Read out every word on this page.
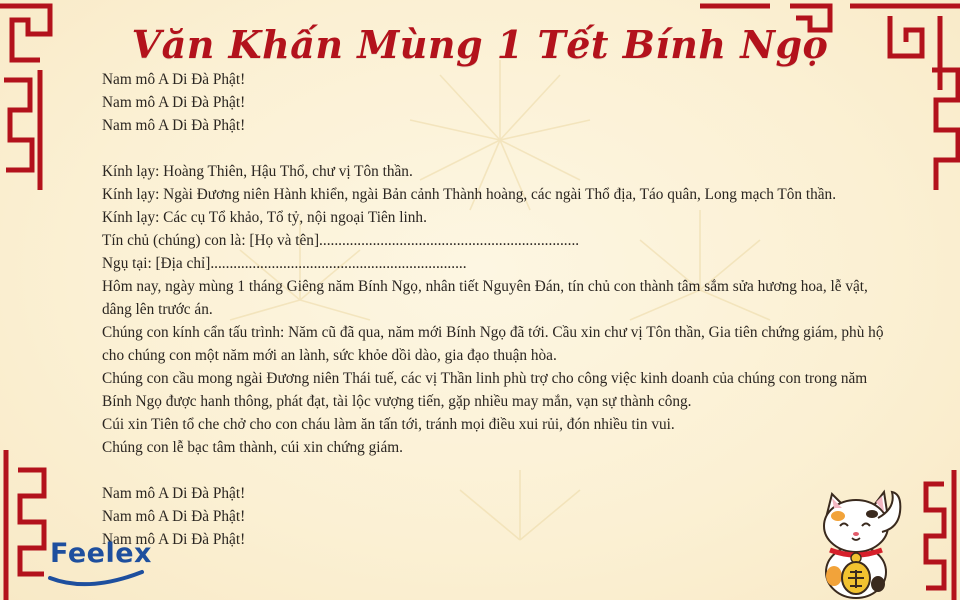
Văn Khấn Mùng 1 Tết Bính Ngọ

Nam mô A Di Đà Phật!

Nam mô A Di Đà Phật!

Nam mô A Di Đà Phật!

Kính lạy: Hoàng Thiên, Hậu Thổ, chư vị Tôn thần.

Kính lạy: Ngài Đương niên Hành khiển, ngài Bản cảnh Thành hoàng, các ngài Thổ địa, Táo quân, Long mạch Tôn thần.

Kính lạy: Các cụ Tổ khảo, Tổ tỷ, nội ngoại Tiên linh.

Tín chủ (chúng) con là: [Họ và tên]....................................................................

Ngụ tại: [Địa chỉ]...................................................................

Hôm nay, ngày mùng 1 tháng Giêng năm Bính Ngọ, nhân tiết Nguyên Đán, tín chủ con thành tâm sắm sửa hương hoa, lễ vật, dâng lên trước án.

Chúng con kính cẩn tấu trình: Năm cũ đã qua, năm mới Bính Ngọ đã tới. Cầu xin chư vị Tôn thần, Gia tiên chứng giám, phù hộ cho chúng con một năm mới an lành, sức khỏe dồi dào, gia đạo thuận hòa.

Chúng con cầu mong ngài Đương niên Thái tuế, các vị Thần linh phù trợ cho công việc kinh doanh của chúng con trong năm Bính Ngọ được hanh thông, phát đạt, tài lộc vượng tiến, gặp nhiều may mắn, vạn sự thành công.

Cúi xin Tiên tổ che chở cho con cháu làm ăn tấn tới, tránh mọi điều xui rủi, đón nhiều tin vui.

Chúng con lễ bạc tâm thành, cúi xin chứng giám.

Nam mô A Di Đà Phật!

Nam mô A Di Đà Phật!

Nam mô A Di Đà Phật!

Feelex
